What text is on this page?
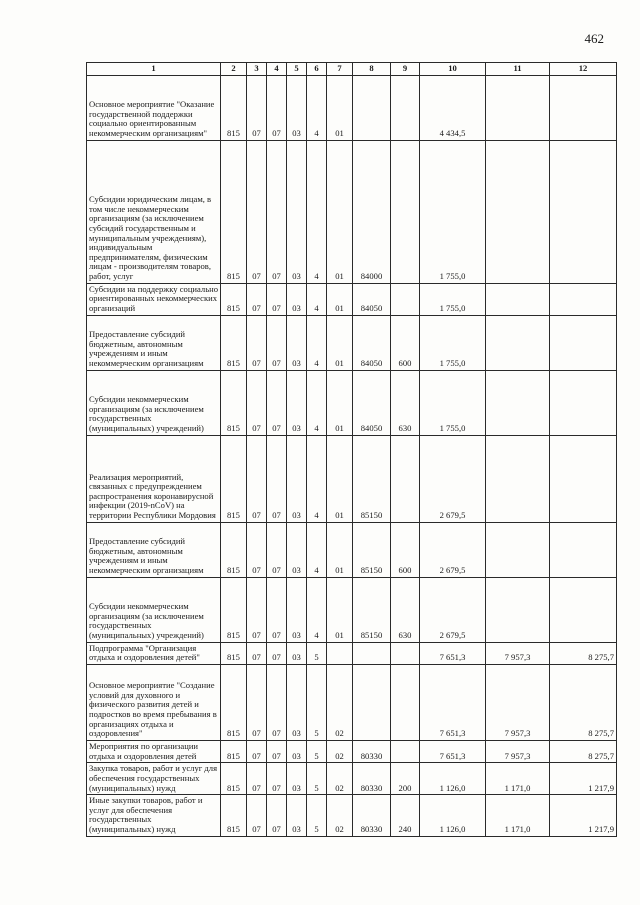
462
1	2	3	4	5	6	7	8	9	10	11	12
Основное мероприятие "Оказание государственной поддержки социально ориентированным некоммерческим организациям"	815	07	07	03	4	01			4 434,5		
Субсидии юридическим лицам, в том числе некоммерческим организациям (за исключением субсидий государственным и муниципальным учреждениям), индивидуальным предпринимателям, физическим лицам - производителям товаров, работ, услуг	815	07	07	03	4	01	84000		1 755,0		
Субсидии на поддержку социально ориентированных некоммерческих организаций	815	07	07	03	4	01	84050		1 755,0		
Предоставление субсидий бюджетным, автономным учреждениям и иным некоммерческим организациям	815	07	07	03	4	01	84050	600	1 755,0		
Субсидии некоммерческим организациям (за исключением государственных (муниципальных) учреждений)	815	07	07	03	4	01	84050	630	1 755,0		
Реализация мероприятий, связанных с предупреждением распространения коронавирусной инфекции (2019-nCoV) на территории Республики Мордовия	815	07	07	03	4	01	85150		2 679,5		
Предоставление субсидий бюджетным, автономным учреждениям и иным некоммерческим организациям	815	07	07	03	4	01	85150	600	2 679,5		
Субсидии некоммерческим организациям (за исключением государственных (муниципальных) учреждений)	815	07	07	03	4	01	85150	630	2 679,5		
Подпрограмма "Организация отдыха и оздоровления детей"	815	07	07	03	5				7 651,3	7 957,3	8 275,7
Основное мероприятие "Создание условий для духовного и физического развития детей и подростков во время пребывания в организациях отдыха и оздоровления"	815	07	07	03	5	02			7 651,3	7 957,3	8 275,7
Мероприятия по организации отдыха и оздоровления детей	815	07	07	03	5	02	80330		7 651,3	7 957,3	8 275,7
Закупка товаров, работ и услуг для обеспечения государственных (муниципальных) нужд	815	07	07	03	5	02	80330	200	1 126,0	1 171,0	1 217,9
Иные закупки товаров, работ и услуг для обеспечения государственных (муниципальных) нужд	815	07	07	03	5	02	80330	240	1 126,0	1 171,0	1 217,9
